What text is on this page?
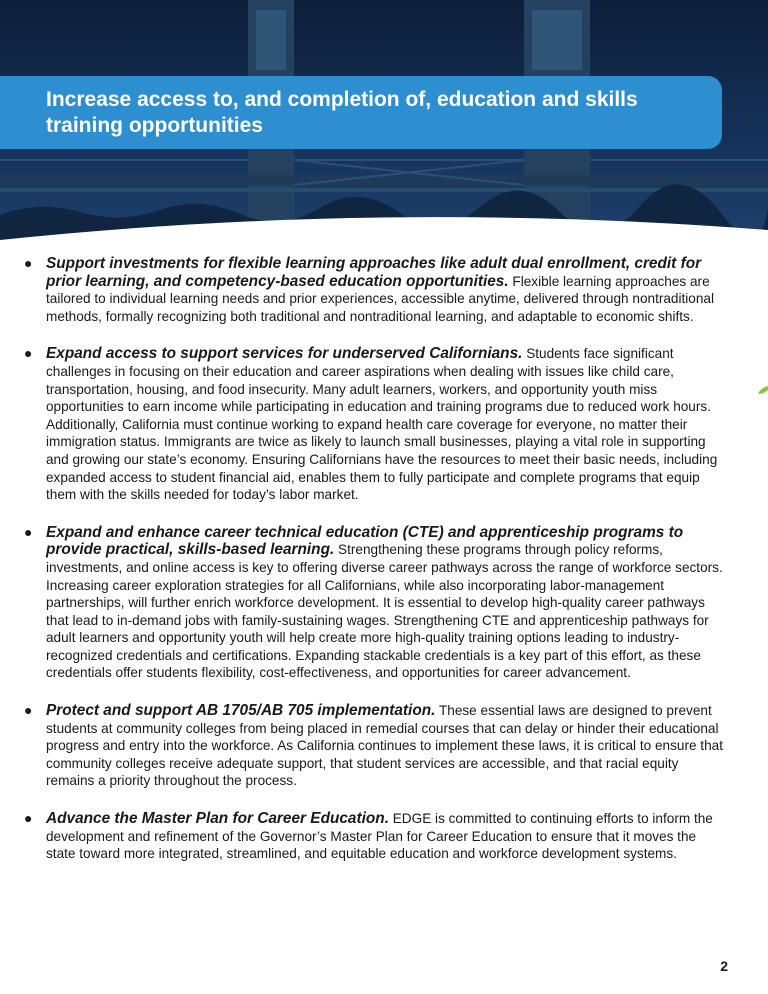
Increase access to, and completion of, education and skills training opportunities
● Support investments for flexible learning approaches like adult dual enrollment, credit for prior learning, and competency-based education opportunities. Flexible learning approaches are tailored to individual learning needs and prior experiences, accessible anytime, delivered through nontraditional methods, formally recognizing both traditional and nontraditional learning, and adaptable to economic shifts.
● Expand access to support services for underserved Californians. Students face significant challenges in focusing on their education and career aspirations when dealing with issues like child care, transportation, housing, and food insecurity. Many adult learners, workers, and opportunity youth miss opportunities to earn income while participating in education and training programs due to reduced work hours. Additionally, California must continue working to expand health care coverage for everyone, no matter their immigration status. Immigrants are twice as likely to launch small businesses, playing a vital role in supporting and growing our state’s economy. Ensuring Californians have the resources to meet their basic needs, including expanded access to student financial aid, enables them to fully participate and complete programs that equip them with the skills needed for today’s labor market.
● Expand and enhance career technical education (CTE) and apprenticeship programs to provide practical, skills-based learning. Strengthening these programs through policy reforms, investments, and online access is key to offering diverse career pathways across the range of workforce sectors. Increasing career exploration strategies for all Californians, while also incorporating labor-management partnerships, will further enrich workforce development. It is essential to develop high-quality career pathways that lead to in-demand jobs with family-sustaining wages. Strengthening CTE and apprenticeship pathways for adult learners and opportunity youth will help create more high-quality training options leading to industry-recognized credentials and certifications. Expanding stackable credentials is a key part of this effort, as these credentials offer students flexibility, cost-effectiveness, and opportunities for career advancement.
● Protect and support AB 1705/AB 705 implementation. These essential laws are designed to prevent students at community colleges from being placed in remedial courses that can delay or hinder their educational progress and entry into the workforce. As California continues to implement these laws, it is critical to ensure that community colleges receive adequate support, that student services are accessible, and that racial equity remains a priority throughout the process.
● Advance the Master Plan for Career Education. EDGE is committed to continuing efforts to inform the development and refinement of the Governor’s Master Plan for Career Education to ensure that it moves the state toward more integrated, streamlined, and equitable education and workforce development systems.
2
